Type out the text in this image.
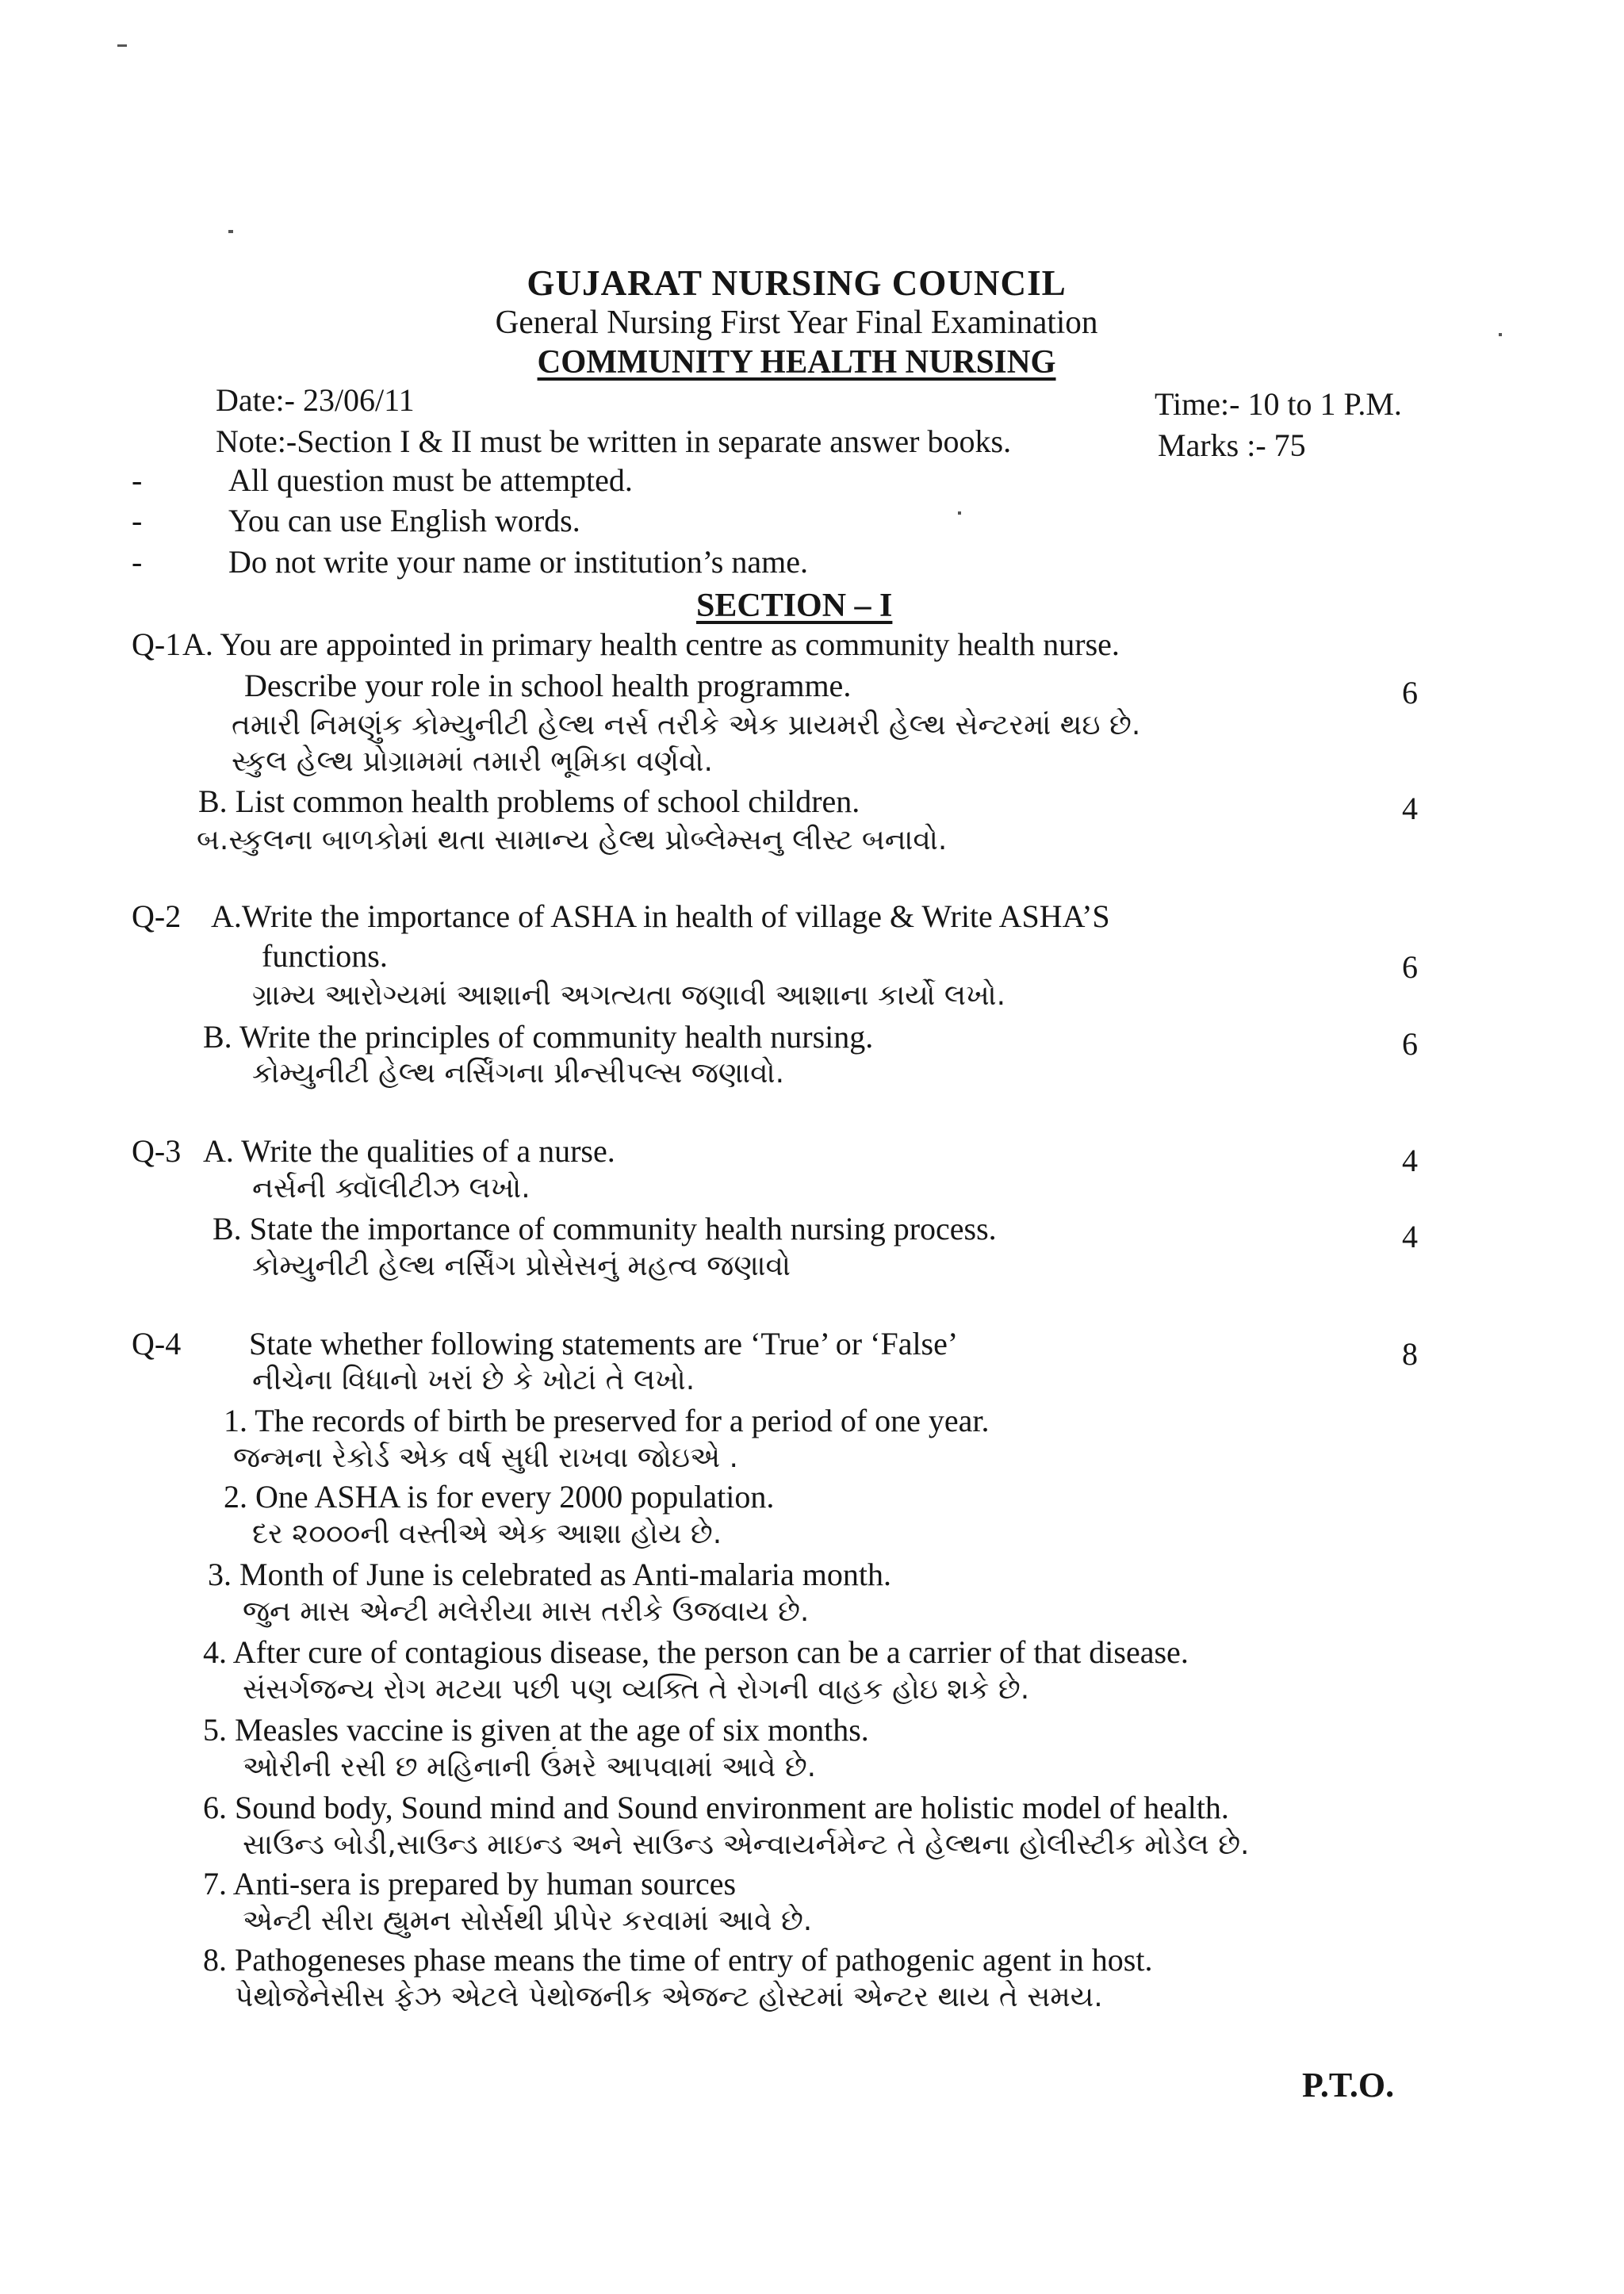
GUJARAT NURSING COUNCIL
General Nursing First Year Final Examination
COMMUNITY HEALTH NURSING
Date:- 23/06/11	Time:- 10 to 1 P.M.
Note:-Section I & II must be written in separate answer books.	Marks :- 75
-	All question must be attempted.
-	You can use English words.
-	Do not write your name or institution’s name.
SECTION – I
Q-1 A. You are appointed in primary health centre as community health nurse.
Describe your role in school health programme.	6
તમારી નિમણુંક કોમ્યુનીટી હેલ્થ નર્સ તરીકે એક પ્રાયમરી હેલ્થ સેન્ટરમાં થઇ છે.
સ્કુલ હેલ્થ પ્રોગ્રામમાં તમારી ભૂમિકા વર્ણવો.
B. List common health problems of school children.	4
બ.સ્કુલના બાળકોમાં થતા સામાન્ય હેલ્થ પ્રોબ્લેમ્સનુ લીસ્ટ બનાવો.
Q-2 A.Write the importance of ASHA in health of village & Write ASHA’S
functions.	6
ગ્રામ્ય આરોગ્યમાં આશાની અગત્યતા જણાવી આશાના કાર્યો લખો.
B. Write the principles of community health nursing.	6
કોમ્યુનીટી હેલ્થ નર્સિંગના પ્રીન્સીપલ્સ જણાવો.
Q-3 A. Write the qualities of a nurse.	4
નર્સની ક્વૉલીટીઝ લખો.
B. State the importance of community health nursing process.	4
કોમ્યુનીટી હેલ્થ નર્સિંગ પ્રોસેસનું મહત્વ જણાવો
Q-4 State whether following statements are ‘True’ or ‘False’	8
નીચેના વિધાનો ખરાં છે કે ખોટાં તે લખો.
1. The records of birth be preserved for a period of one year.
જન્મના રેકોર્ડ એક વર્ષ સુધી રાખવા જોઇએ .
2. One ASHA is for every 2000 population.
દર ૨૦૦૦ની વસ્તીએ એક આશા હોય છે.
3. Month of June is celebrated as Anti-malaria month.
જુન માસ એન્ટી મલેરીયા માસ તરીકે ઉજવાય છે.
4. After cure of contagious disease, the person can be a carrier of that disease.
સંસર્ગજન્ય રોગ મટયા પછી પણ વ્યક્તિ તે રોગની વાહક હોઇ શકે છે.
5. Measles vaccine is given at the age of six months.
ઓરીની રસી છ મહિનાની ઉંમરે આપવામાં આવે છે.
6. Sound body, Sound mind and Sound environment are holistic model of health.
સાઉન્ડ બોડી,સાઉન્ડ માઇન્ડ અને સાઉન્ડ એન્વાયર્નમેન્ટ તે હેલ્થના હોલીસ્ટીક મોડેલ છે.
7. Anti-sera is prepared by human sources
એન્ટી સીરા હ્યુમન સોર્સથી પ્રીપેર કરવામાં આવે છે.
8. Pathogeneses phase means the time of entry of pathogenic agent in host.
પેથોજેનેસીસ ફેઝ એટલે પેથોજનીક એજન્ટ હોસ્ટમાં એન્ટર થાય તે સમય.
P.T.O.
